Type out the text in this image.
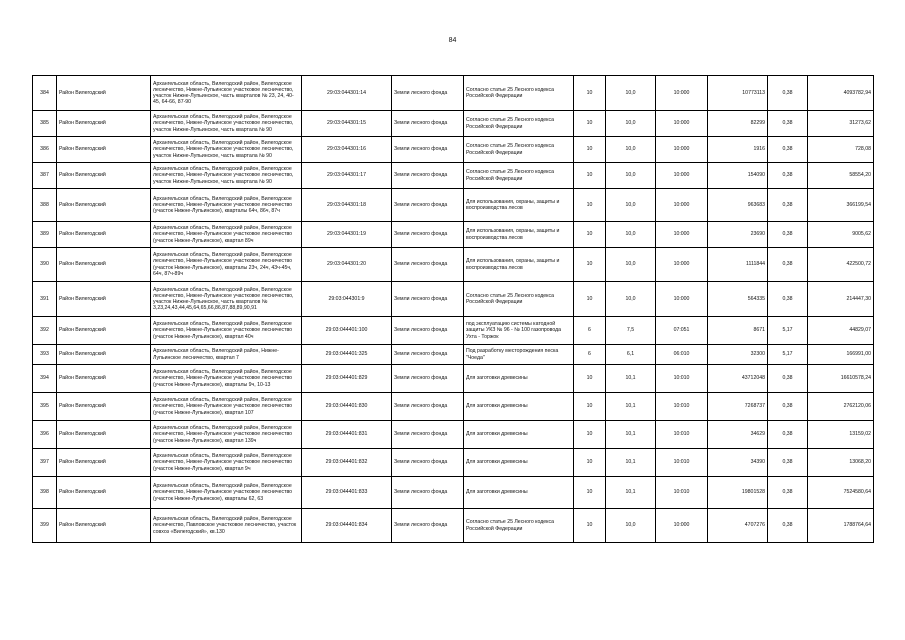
84
384	Район Вилегодский	Архангельская область, Вилегодский район, Вилегодское лесничество, Нижне-Лупьинское участковое лесничество, участок Нижне-Лупьинское, часть кварталов № 23, 24, 40-45, 64-66, 87-90	29:03:044301:14	Земли лесного фонда	Согласно статье 25 Лесного кодекса Российской Федерации	10	10,0	10:000	10773113	0,38	4093782,94
385	Район Вилегодский	Архангельская область, Вилегодский район, Вилегодское лесничество, Нижне-Лупьинское участковое лесничество, участок Нижне-Лупьинское, часть квартала № 90	29:03:044301:15	Земли лесного фонда	Согласно статье 25 Лесного кодекса Российской Федерации	10	10,0	10:000	82299	0,38	31273,62
386	Район Вилегодский	Архангельская область, Вилегодский район, Вилегодское лесничество, Нижне-Лупьинское участковое лесничество, участок Нижне-Лупьинское, часть квартала № 90	29:03:044301:16	Земли лесного фонда	Согласно статье 25 Лесного кодекса Российской Федерации	10	10,0	10:000	1916	0,38	728,08
387	Район Вилегодский	Архангельская область, Вилегодский район, Вилегодское лесничество, Нижне-Лупьинское участковое лесничество, участок Нижне-Лупьинское, часть квартала № 90	29:03:044301:17	Земли лесного фонда	Согласно статье 25 Лесного кодекса Российской Федерации	10	10,0	10:000	154090	0,38	58554,20
388	Район Вилегодский	Архангельская область, Вилегодский район, Вилегодское лесничество, Нижне-Лупьинское участковое лесничество (участок Нижне-Лупьинское), кварталы 64ч, 86ч, 87ч	29:03:044301:18	Земли лесного фонда	Для использования, охраны, защиты и воспроизводства лесов	10	10,0	10:000	963683	0,38	366199,54
389	Район Вилегодский	Архангельская область, Вилегодский район, Вилегодское лесничество, Нижне-Лупьинское участковое лесничество (участок Нижне-Лупьинское), квартал 89ч	29:03:044301:19	Земли лесного фонда	Для использования, охраны, защиты и воспроизводства лесов	10	10,0	10:000	23690	0,38	9005,62
390	Район Вилегодский	Архангельская область, Вилегодский район, Вилегодское лесничество, Нижне-Лупьинское участковое лесничество (участок Нижне-Лупьинское), кварталы 23ч, 24ч, 43ч-45ч, 64ч, 87ч-89ч	29:03:044301:20	Земли лесного фонда	Для использования, охраны, защиты и воспроизводства лесов	10	10,0	10:000	1111844	0,38	422500,72
391	Район Вилегодский	Архангельская область, Вилегодский район, Вилегодское лесничество, Нижне-Лупьинское участковое лесничество, участок Нижне-Лупьинское, часть кварталов № 3,23,24,43,44,45,64,65,66,86,87,88,89,90,91	29:03:044301:9	Земли лесного фонда	Согласно статье 25 Лесного кодекса Российской Федерации	10	10,0	10:000	564335	0,38	214447,30
392	Район Вилегодский	Архангельская область, Вилегодский район, Вилегодское лесничество, Нижне-Лупьинское участковое лесничество (участок Нижне-Лупьинское), квартал 40ч	29:03:044401:100	Земли лесного фонда	под эксплуатацию системы катодной защиты УКЗ № 96 - № 100 газопровода Ухта - Торжок	6	7,5	07:051	8671	5,17	44829,07
393	Район Вилегодский	Архангельская область, Вилегодский район, Нижне-Лупьинское лесничество, квартал 7	29:03:044401:325	Земли лесного фонда	Под разработку месторождения песка "Чоеда"	6	6,1	06:010	32300	5,17	166991,00
394	Район Вилегодский	Архангельская область, Вилегодский район, Вилегодское лесничество, Нижне-Лупьинское участковое лесничество (участок Нижне-Лупьинское), кварталы 9ч, 10-13	29:03:044401:829	Земли лесного фонда	Для заготовки древесины	10	10,1	10:010	43712048	0,38	16610578,24
395	Район Вилегодский	Архангельская область, Вилегодский район, Вилегодское лесничество, Нижне-Лупьинское участковое лесничество (участок Нижне-Лупьинское), квартал 107	29:03:044401:830	Земли лесного фонда	Для заготовки древесины	10	10,1	10:010	7268737	0,38	2762120,06
396	Район Вилегодский	Архангельская область, Вилегодский район, Вилегодское лесничество, Нижне-Лупьинское участковое лесничество (участок Нижне-Лупьинское), квартал 139ч	29:03:044401:831	Земли лесного фонда	Для заготовки древесины	10	10,1	10:010	34629	0,38	13159,02
397	Район Вилегодский	Архангельская область, Вилегодский район, Вилегодское лесничество, Нижне-Лупьинское участковое лесничество (участок Нижне-Лупьинское), квартал 9ч	29:03:044401:832	Земли лесного фонда	Для заготовки древесины	10	10,1	10:010	34390	0,38	13068,20
398	Район Вилегодский	Архангельская область, Вилегодский район, Вилегодское лесничество, Нижне-Лупьинское участковое лесничество (участок Нижне-Лупьинское), кварталы 62, 63	29:03:044401:833	Земли лесного фонда	Для заготовки древесины	10	10,1	10:010	19801528	0,38	7524580,64
399	Район Вилегодский	Архангельская область, Вилегодский район, Вилегодское лесничество, Павловское участковое лесничество, участок совхоз «Вилегодский», кв.130	29:03:044401:834	Земли лесного фонда	Согласно статье 25 Лесного кодекса Российской Федерации	10	10,0	10:000	4707276	0,38	1788764,64
